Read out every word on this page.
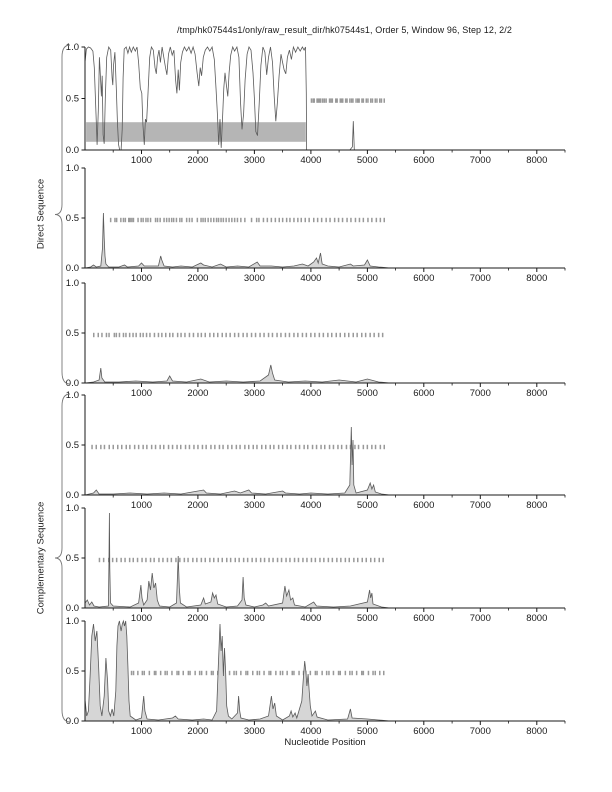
/tmp/hk07544s1/only/raw_result_dir/hk07544s1, Order 5, Window 96, Step 12, 2/2
0.0
0.5
1.0
1000	2000	3000	4000	5000	6000	7000	8000
0.0
0.5
1.0
1000	2000	3000	4000	5000	6000	7000	8000
0.0
0.5
1.0
1000	2000	3000	4000	5000	6000	7000	8000
0.0
0.5
1.0
1000	2000	3000	4000	5000	6000	7000	8000
0.0
0.5
1.0
1000	2000	3000	4000	5000	6000	7000	8000
0.0
0.5
1.0
1000	2000	3000	4000	5000	6000	7000	8000
Direct Sequence
Complementary Sequence
Nucleotide Position
